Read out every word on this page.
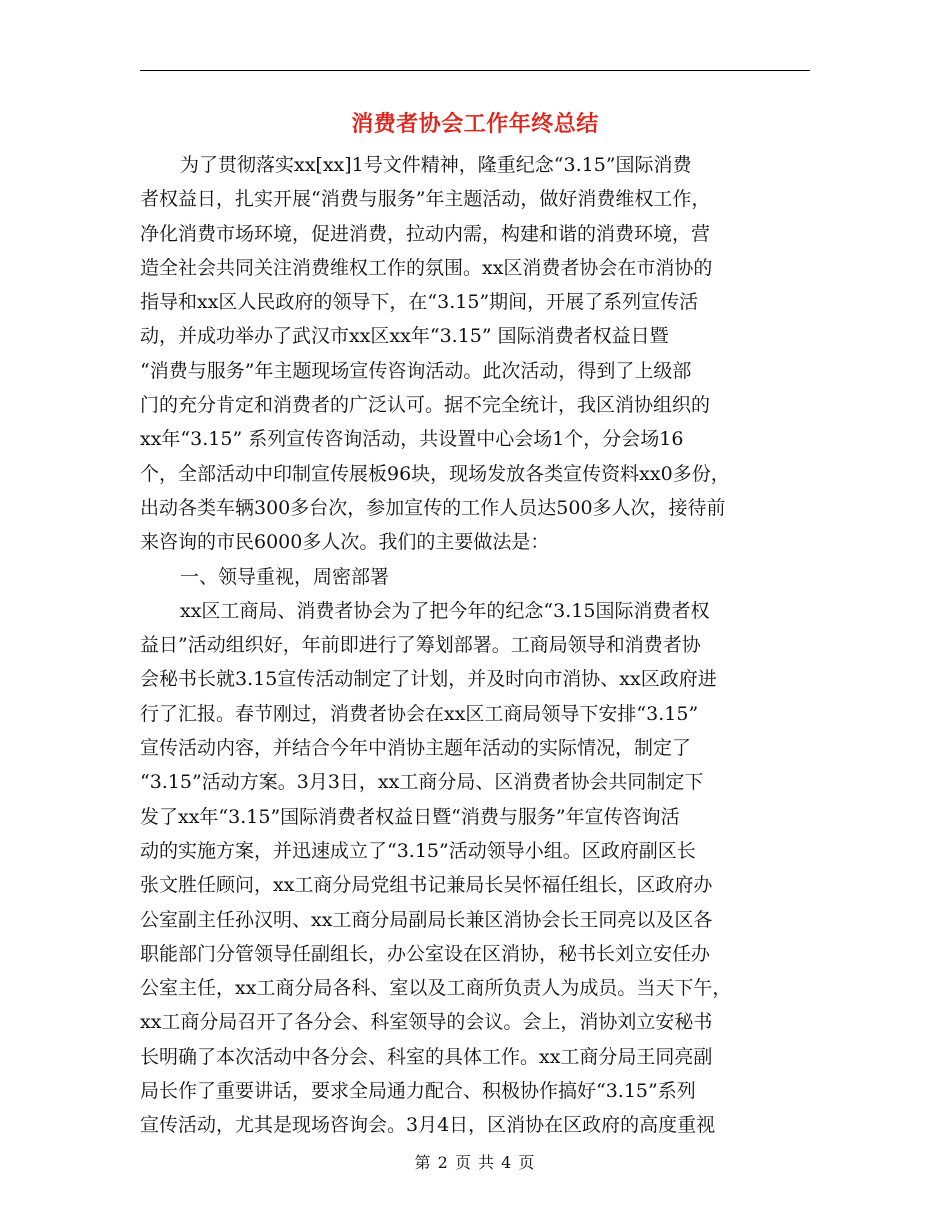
消费者协会工作年终总结
为了贯彻落实xx[xx]1号文件精神，隆重纪念“3.15”国际消费
者权益日，扎实开展“消费与服务”年主题活动，做好消费维权工作，
净化消费市场环境，促进消费，拉动内需，构建和谐的消费环境，营
造全社会共同关注消费维权工作的氛围。xx区消费者协会在市消协的
指导和xx区人民政府的领导下，在“3.15”期间，开展了系列宣传活
动，并成功举办了武汉市xx区xx年“3.15” 国际消费者权益日暨
“消费与服务”年主题现场宣传咨询活动。此次活动，得到了上级部
门的充分肯定和消费者的广泛认可。据不完全统计，我区消协组织的
xx年“3.15” 系列宣传咨询活动，共设置中心会场1个，分会场16
个，全部活动中印制宣传展板96块，现场发放各类宣传资料xx0多份，
出动各类车辆300多台次，参加宣传的工作人员达500多人次，接待前
来咨询的市民6000多人次。我们的主要做法是：
一、领导重视，周密部署
xx区工商局、消费者协会为了把今年的纪念“3.15国际消费者权
益日”活动组织好，年前即进行了筹划部署。工商局领导和消费者协
会秘书长就3.15宣传活动制定了计划，并及时向市消协、xx区政府进
行了汇报。春节刚过，消费者协会在xx区工商局领导下安排“3.15”
宣传活动内容，并结合今年中消协主题年活动的实际情况，制定了
“3.15”活动方案。3月3日，xx工商分局、区消费者协会共同制定下
发了xx年“3.15”国际消费者权益日暨“消费与服务”年宣传咨询活
动的实施方案，并迅速成立了“3.15”活动领导小组。区政府副区长
张文胜任顾问，xx工商分局党组书记兼局长吴怀福任组长，区政府办
公室副主任孙汉明、xx工商分局副局长兼区消协会长王同亮以及区各
职能部门分管领导任副组长，办公室设在区消协，秘书长刘立安任办
公室主任，xx工商分局各科、室以及工商所负责人为成员。当天下午，
xx工商分局召开了各分会、科室领导的会议。会上，消协刘立安秘书
长明确了本次活动中各分会、科室的具体工作。xx工商分局王同亮副
局长作了重要讲话，要求全局通力配合、积极协作搞好“3.15”系列
宣传活动，尤其是现场咨询会。3月4日，区消协在区政府的高度重视
第 2 页 共 4 页
